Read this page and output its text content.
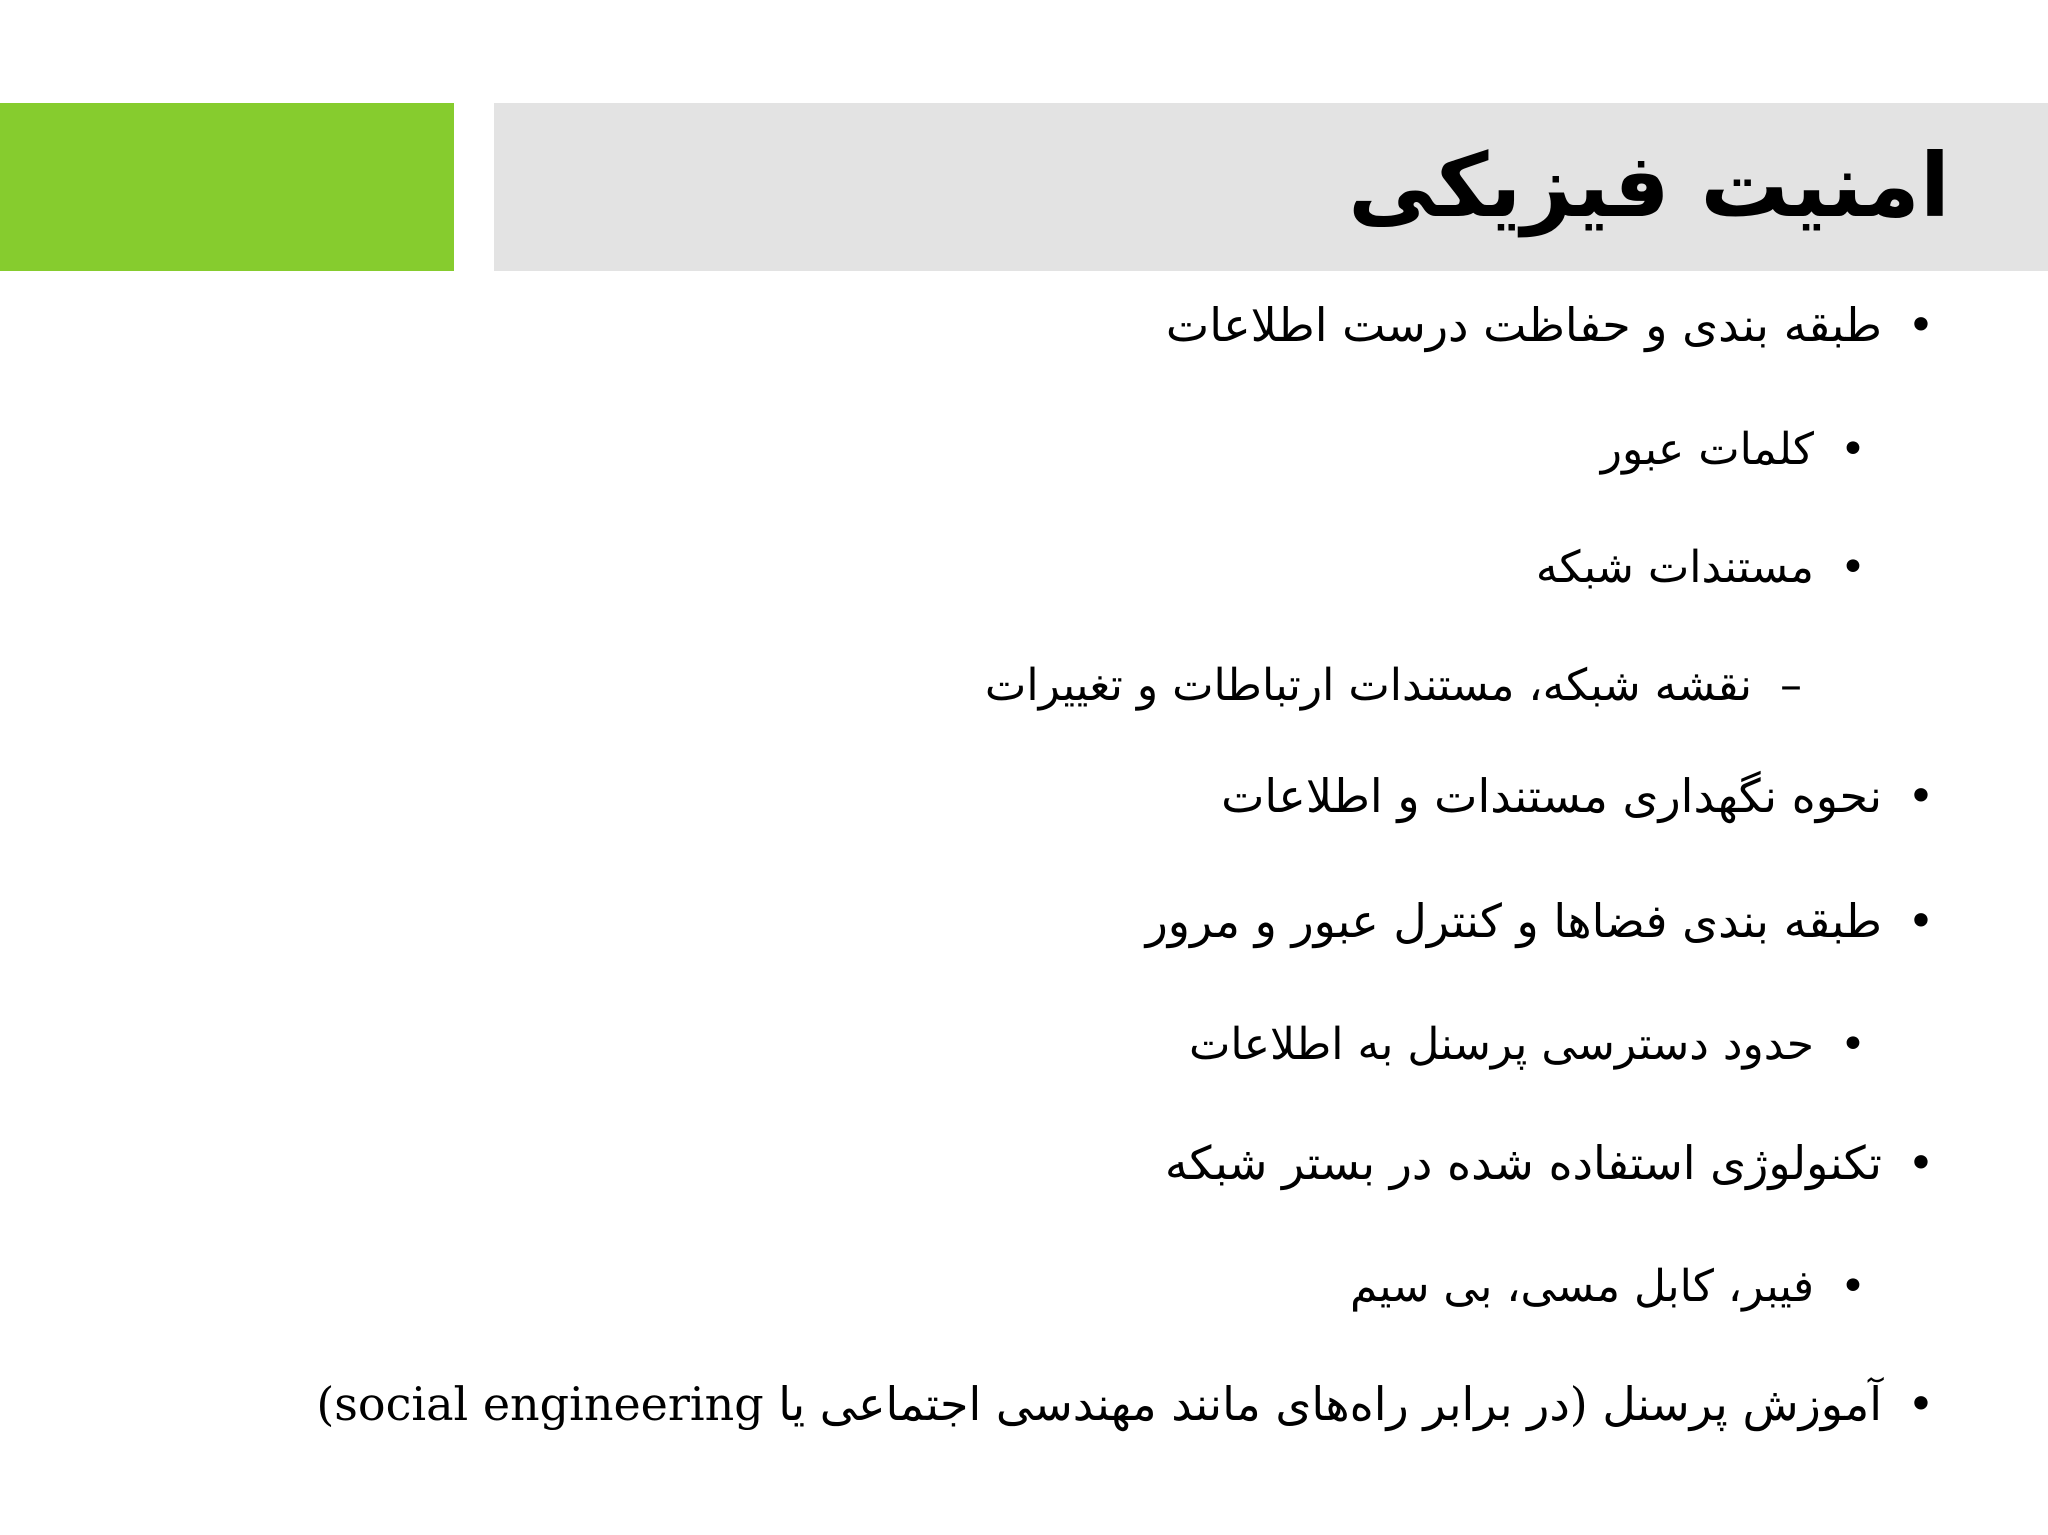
امنیت فیزیکی
•طبقه بندی و حفاظت درست اطلاعات
•کلمات عبور
•مستندات شبکه
–نقشه شبکه، مستندات ارتباطات و تغییرات
•نحوه نگهداری مستندات و اطلاعات
•طبقه بندی فضاها و کنترل عبور و مرور
•حدود دسترسی پرسنل به اطلاعات
•تکنولوژی استفاده شده در بستر شبکه
•فیبر، کابل مسی، بی سیم
•آموزش پرسنل (در برابر راه‌های مانند مهندسی اجتماعی یا social engineering)
